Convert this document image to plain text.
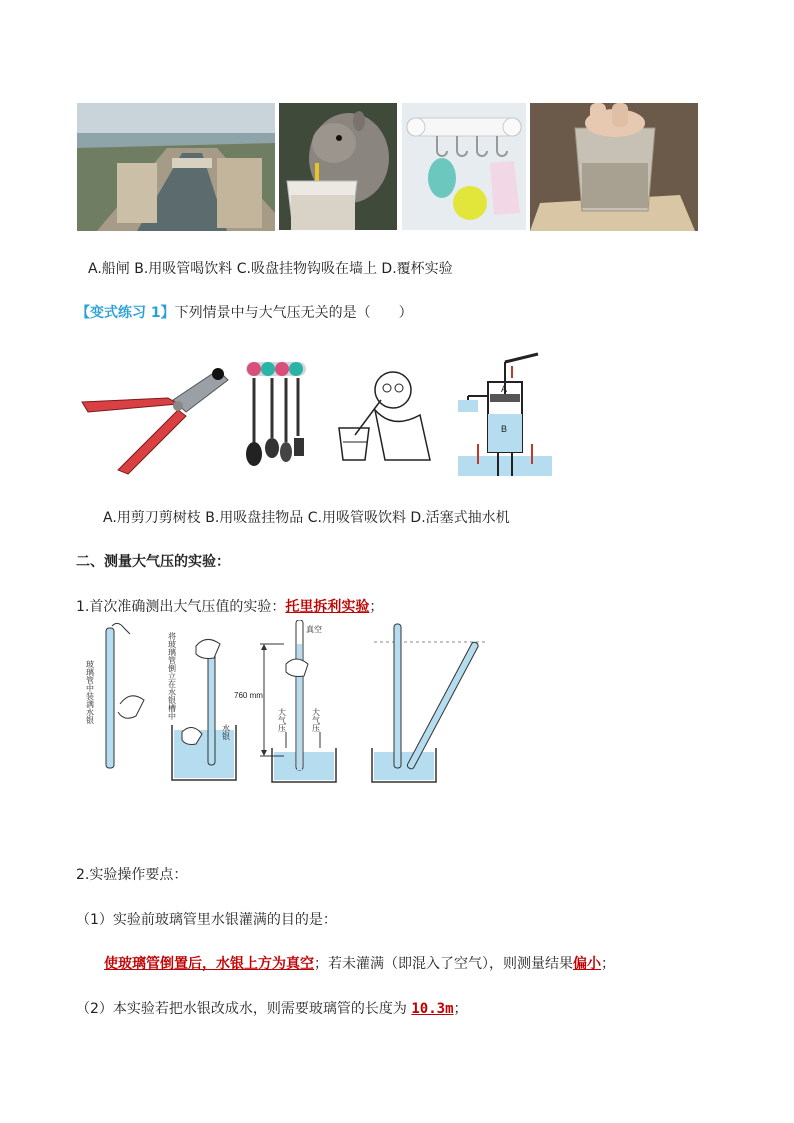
A.船闸 B.用吸管喝饮料 C.吸盘挂物钩吸在墙上 D.覆杯实验
【变式练习 1】下列情景中与大气压无关的是（　　）
A
B
A.用剪刀剪树枝 B.用吸盘挂物品 C.用吸管吸饮料 D.活塞式抽水机
二、测量大气压的实验：
1.首次准确测出大气压值的实验：托里拆利实验；
玻璃管中装满水银	将玻璃管倒立在水银槽中
水银
760 mm
真空
大气压	大气压
2.实验操作要点：
（1）实验前玻璃管里水银灌满的目的是：
使玻璃管倒置后，水银上方为真空；若未灌满（即混入了空气），则测量结果偏小；
（2）本实验若把水银改成水，则需要玻璃管的长度为 10.3m；
